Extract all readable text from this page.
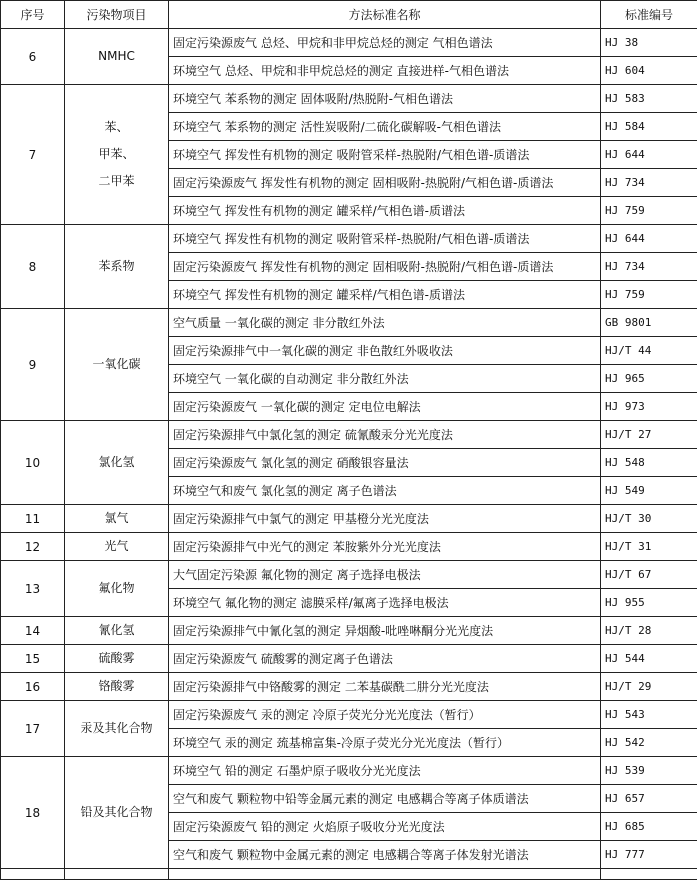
序号	污染物项目	方法标准名称	标准编号
6	NMHC	固定污染源废气 总烃、甲烷和非甲烷总烃的测定 气相色谱法	HJ 38
		环境空气 总烃、甲烷和非甲烷总烃的测定 直接进样-气相色谱法	HJ 604
7	苯、
甲苯、
二甲苯	环境空气 苯系物的测定 固体吸附/热脱附-气相色谱法	HJ 583
		环境空气 苯系物的测定 活性炭吸附/二硫化碳解吸-气相色谱法	HJ 584
		环境空气 挥发性有机物的测定 吸附管采样-热脱附/气相色谱-质谱法	HJ 644
		固定污染源废气 挥发性有机物的测定 固相吸附-热脱附/气相色谱-质谱法	HJ 734
		环境空气 挥发性有机物的测定 罐采样/气相色谱-质谱法	HJ 759
8	苯系物	环境空气 挥发性有机物的测定 吸附管采样-热脱附/气相色谱-质谱法	HJ 644
		固定污染源废气 挥发性有机物的测定 固相吸附-热脱附/气相色谱-质谱法	HJ 734
		环境空气 挥发性有机物的测定 罐采样/气相色谱-质谱法	HJ 759
9	一氧化碳	空气质量 一氧化碳的测定 非分散红外法	GB 9801
		固定污染源排气中一氧化碳的测定 非色散红外吸收法	HJ/T 44
		环境空气 一氧化碳的自动测定 非分散红外法	HJ 965
		固定污染源废气 一氧化碳的测定 定电位电解法	HJ 973
10	氯化氢	固定污染源排气中氯化氢的测定 硫氰酸汞分光光度法	HJ/T 27
		固定污染源废气 氯化氢的测定 硝酸银容量法	HJ 548
		环境空气和废气 氯化氢的测定 离子色谱法	HJ 549
11	氯气	固定污染源排气中氯气的测定 甲基橙分光光度法	HJ/T 30
12	光气	固定污染源排气中光气的测定 苯胺紫外分光光度法	HJ/T 31
13	氟化物	大气固定污染源 氟化物的测定 离子选择电极法	HJ/T 67
		环境空气 氟化物的测定 滤膜采样/氟离子选择电极法	HJ 955
14	氰化氢	固定污染源排气中氰化氢的测定 异烟酸-吡唑啉酮分光光度法	HJ/T 28
15	硫酸雾	固定污染源废气 硫酸雾的测定离子色谱法	HJ 544
16	铬酸雾	固定污染源排气中铬酸雾的测定 二苯基碳酰二肼分光光度法	HJ/T 29
17	汞及其化合物	固定污染源废气 汞的测定 冷原子荧光分光光度法（暂行）	HJ 543
		环境空气 汞的测定 巯基棉富集-冷原子荧光分光光度法（暂行）	HJ 542
18	铅及其化合物	环境空气 铅的测定 石墨炉原子吸收分光光度法	HJ 539
		空气和废气 颗粒物中铅等金属元素的测定 电感耦合等离子体质谱法	HJ 657
		固定污染源废气 铅的测定 火焰原子吸收分光光度法	HJ 685
		空气和废气 颗粒物中金属元素的测定 电感耦合等离子体发射光谱法	HJ 777
